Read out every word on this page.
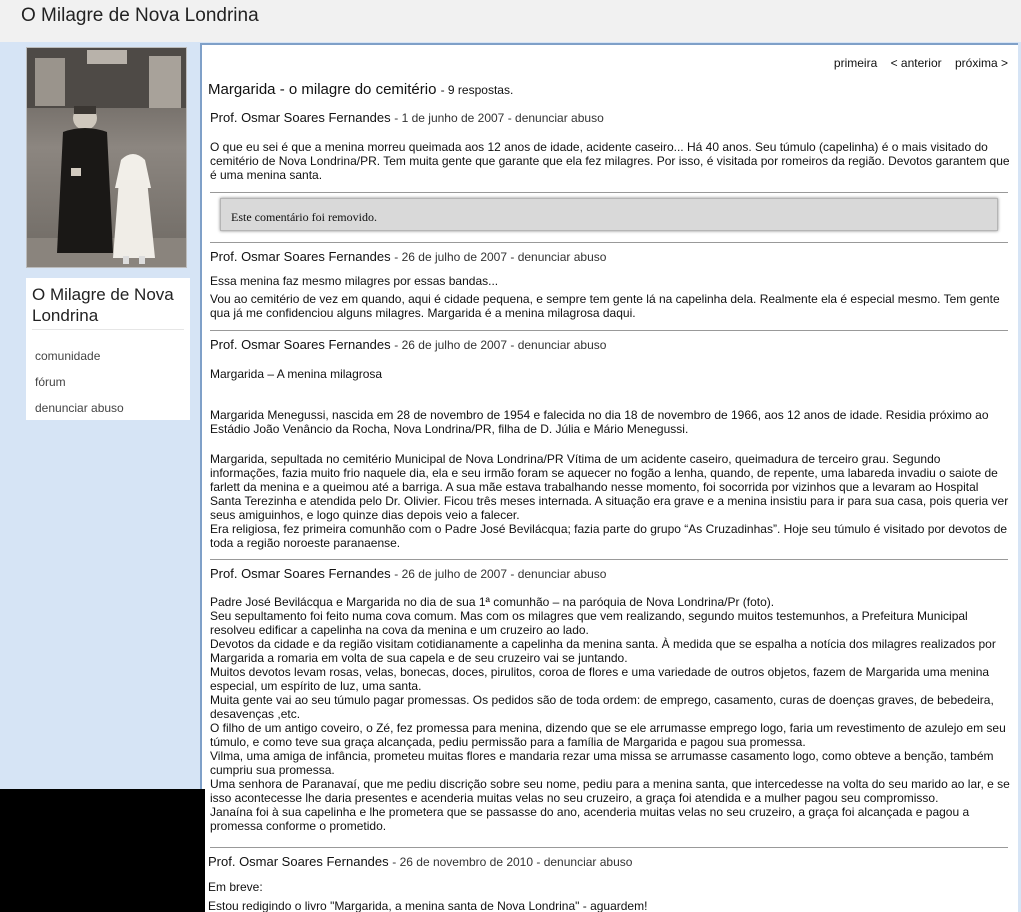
O Milagre de Nova Londrina
O Milagre de Nova Londrina
comunidade
fórum
denunciar abuso
primeira < anterior próxima >
Margarida - o milagre do cemitério - 9 respostas.
Prof. Osmar Soares Fernandes - 1 de junho de 2007 - denunciar abuso
O que eu sei é que a menina morreu queimada aos 12 anos de idade, acidente caseiro... Há 40 anos. Seu túmulo (capelinha) é o mais visitado do cemitério de Nova Londrina/PR. Tem muita gente que garante que ela fez milagres. Por isso, é visitada por romeiros da região. Devotos garantem que é uma menina santa.
Este comentário foi removido.
Prof. Osmar Soares Fernandes - 26 de julho de 2007 - denunciar abuso
Essa menina faz mesmo milagres por essas bandas...
Vou ao cemitério de vez em quando, aqui é cidade pequena, e sempre tem gente lá na capelinha dela. Realmente ela é especial mesmo. Tem gente qua já me confidenciou alguns milagres. Margarida é a menina milagrosa daqui.
Prof. Osmar Soares Fernandes - 26 de julho de 2007 - denunciar abuso
Margarida – A menina milagrosa
Margarida Menegussi, nascida em 28 de novembro de 1954 e falecida no dia 18 de novembro de 1966, aos 12 anos de idade. Residia próximo ao Estádio João Venâncio da Rocha, Nova Londrina/PR, filha de D. Júlia e Mário Menegussi.
Margarida, sepultada no cemitério Municipal de Nova Londrina/PR Vítima de um acidente caseiro, queimadura de terceiro grau. Segundo informações, fazia muito frio naquele dia, ela e seu irmão foram se aquecer no fogão a lenha, quando, de repente, uma labareda invadiu o saiote de farlett da menina e a queimou até a barriga. A sua mãe estava trabalhando nesse momento, foi socorrida por vizinhos que a levaram ao Hospital Santa Terezinha e atendida pelo Dr. Olivier. Ficou três meses internada. A situação era grave e a menina insistiu para ir para sua casa, pois queria ver seus amiguinhos, e logo quinze dias depois veio a falecer.
Era religiosa, fez primeira comunhão com o Padre José Bevilácqua; fazia parte do grupo “As Cruzadinhas”. Hoje seu túmulo é visitado por devotos de toda a região noroeste paranaense.
Prof. Osmar Soares Fernandes - 26 de julho de 2007 - denunciar abuso
Padre José Bevilácqua e Margarida no dia de sua 1ª comunhão – na paróquia de Nova Londrina/Pr (foto).
Seu sepultamento foi feito numa cova comum. Mas com os milagres que vem realizando, segundo muitos testemunhos, a Prefeitura Municipal resolveu edificar a capelinha na cova da menina e um cruzeiro ao lado.
Devotos da cidade e da região visitam cotidianamente a capelinha da menina santa. À medida que se espalha a notícia dos milagres realizados por Margarida a romaria em volta de sua capela e de seu cruzeiro vai se juntando.
Muitos devotos levam rosas, velas, bonecas, doces, pirulitos, coroa de flores e uma variedade de outros objetos, fazem de Margarida uma menina especial, um espírito de luz, uma santa.
Muita gente vai ao seu túmulo pagar promessas. Os pedidos são de toda ordem: de emprego, casamento, curas de doenças graves, de bebedeira, desavenças ,etc.
O filho de um antigo coveiro, o Zé, fez promessa para menina, dizendo que se ele arrumasse emprego logo, faria um revestimento de azulejo em seu túmulo, e como teve sua graça alcançada, pediu permissão para a família de Margarida e pagou sua promessa.
Vilma, uma amiga de infância, prometeu muitas flores e mandaria rezar uma missa se arrumasse casamento logo, como obteve a benção, também cumpriu sua promessa.
Uma senhora de Paranavaí, que me pediu discrição sobre seu nome, pediu para a menina santa, que intercedesse na volta do seu marido ao lar, e se isso acontecesse lhe daria presentes e acenderia muitas velas no seu cruzeiro, a graça foi atendida e a mulher pagou seu compromisso.
Janaína foi à sua capelinha e lhe prometera que se passasse do ano, acenderia muitas velas no seu cruzeiro, a graça foi alcançada e pagou a promessa conforme o prometido.
Prof. Osmar Soares Fernandes - 26 de novembro de 2010 - denunciar abuso
Em breve:
Estou redigindo o livro "Margarida, a menina santa de Nova Londrina" - aguardem!
